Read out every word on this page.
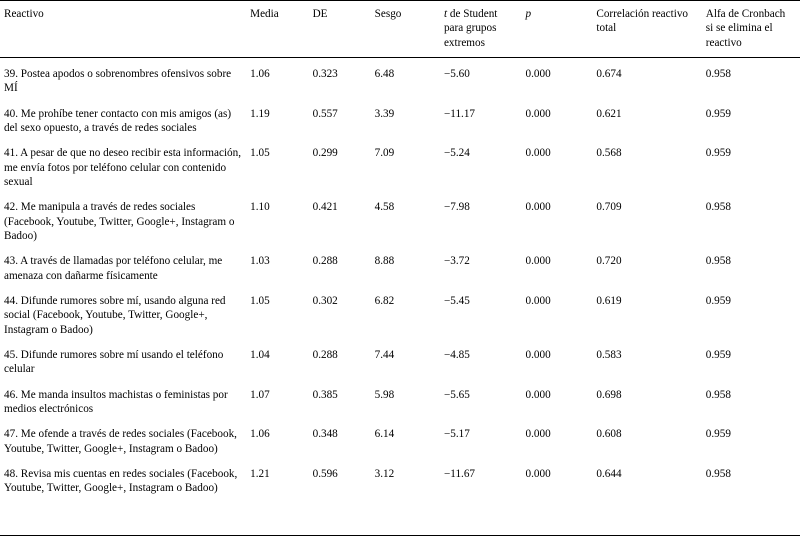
Reactivo	Media	DE	Sesgo	t de Student para grupos extremos	p	Correlación reactivo total	Alfa de Cronbach si se elimina el reactivo
39. Postea apodos o sobrenombres ofensivos sobre MÍ	1.06	0.323	6.48	−5.60	0.000	0.674	0.958
40. Me prohíbe tener contacto con mis amigos (as) del sexo opuesto, a través de redes sociales	1.19	0.557	3.39	−11.17	0.000	0.621	0.959
41. A pesar de que no deseo recibir esta información, me envía fotos por teléfono celular con contenido sexual	1.05	0.299	7.09	−5.24	0.000	0.568	0.959
42. Me manipula a través de redes sociales (Facebook, Youtube, Twitter, Google+, Instagram o Badoo)	1.10	0.421	4.58	−7.98	0.000	0.709	0.958
43. A través de llamadas por teléfono celular, me amenaza con dañarme físicamente	1.03	0.288	8.88	−3.72	0.000	0.720	0.958
44. Difunde rumores sobre mí, usando alguna red social (Facebook, Youtube, Twitter, Google+, Instagram o Badoo)	1.05	0.302	6.82	−5.45	0.000	0.619	0.959
45. Difunde rumores sobre mí usando el teléfono celular	1.04	0.288	7.44	−4.85	0.000	0.583	0.959
46. Me manda insultos machistas o feministas por medios electrónicos	1.07	0.385	5.98	−5.65	0.000	0.698	0.958
47. Me ofende a través de redes sociales (Facebook, Youtube, Twitter, Google+, Instagram o Badoo)	1.06	0.348	6.14	−5.17	0.000	0.608	0.959
48. Revisa mis cuentas en redes sociales (Facebook, Youtube, Twitter, Google+, Instagram o Badoo)	1.21	0.596	3.12	−11.67	0.000	0.644	0.958
